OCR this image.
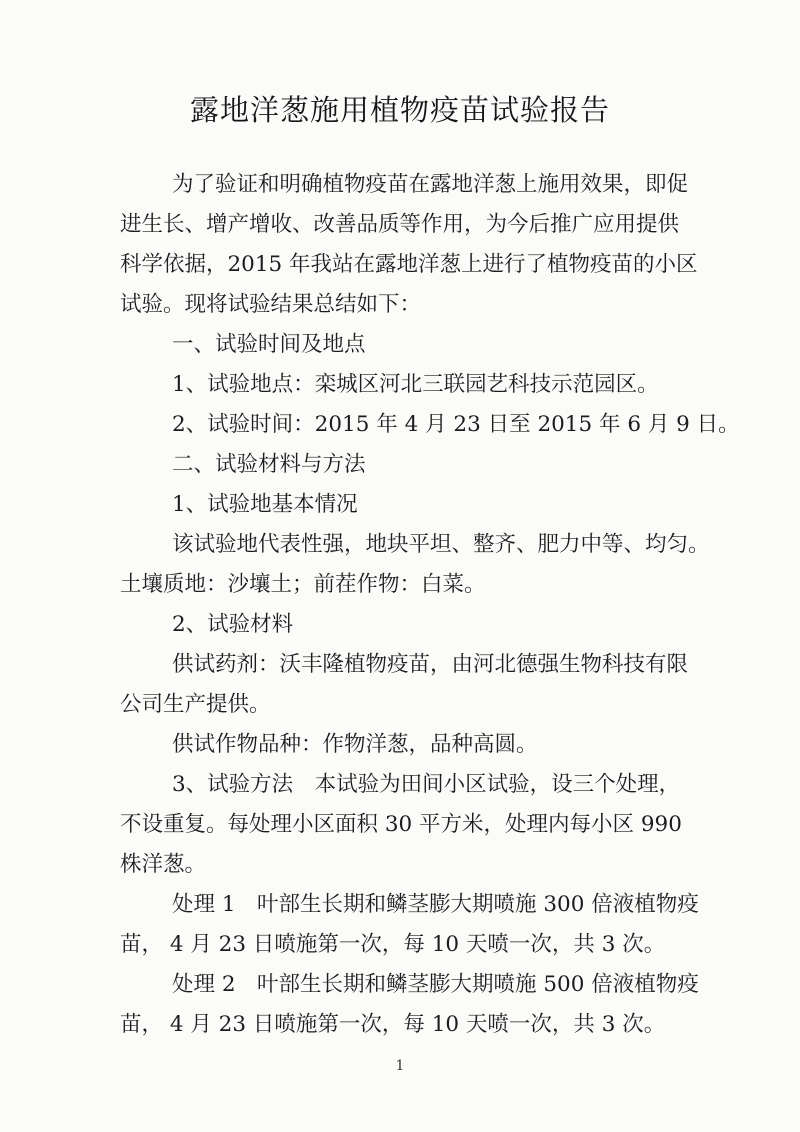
露地洋葱施用植物疫苗试验报告
为了验证和明确植物疫苗在露地洋葱上施用效果，即促
进生长、增产增收、改善品质等作用，为今后推广应用提供
科学依据，2015 年我站在露地洋葱上进行了植物疫苗的小区
试验。现将试验结果总结如下：
一、试验时间及地点
1、试验地点：栾城区河北三联园艺科技示范园区。
2、试验时间：2015 年 4 月 23 日至 2015 年 6 月 9 日。
二、试验材料与方法
1、试验地基本情况
该试验地代表性强，地块平坦、整齐、肥力中等、均匀。
土壤质地：沙壤土；前茬作物：白菜。
2、试验材料
供试药剂：沃丰隆植物疫苗，由河北德强生物科技有限
公司生产提供。
供试作物品种：作物洋葱，品种高圆。
3、试验方法　本试验为田间小区试验，设三个处理，
不设重复。每处理小区面积 30 平方米，处理内每小区 990
株洋葱。
处理 1　叶部生长期和鳞茎膨大期喷施 300 倍液植物疫
苗， 4 月 23 日喷施第一次，每 10 天喷一次，共 3 次。
处理 2　叶部生长期和鳞茎膨大期喷施 500 倍液植物疫
苗， 4 月 23 日喷施第一次，每 10 天喷一次，共 3 次。
1
